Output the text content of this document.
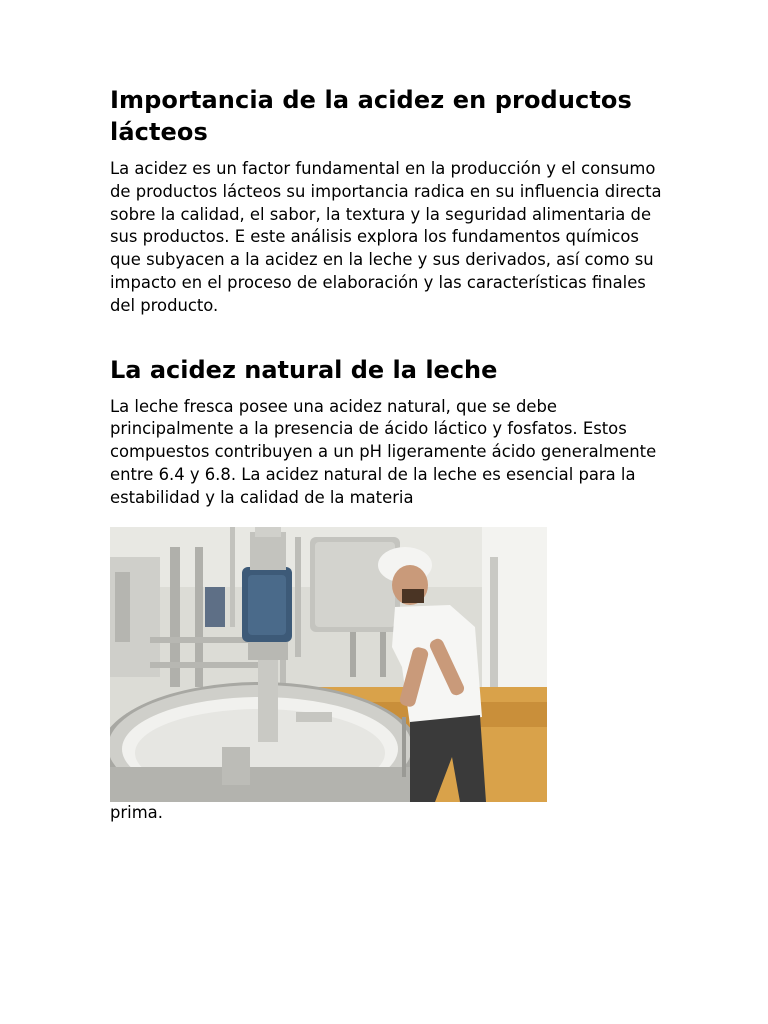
Importancia de la acidez en productos lácteos

La acidez es un factor fundamental en la producción y el consumo de productos lácteos su importancia radica en su influencia directa sobre la calidad, el sabor, la textura y la seguridad alimentaria de sus productos. E este análisis explora los fundamentos químicos que subyacen a la acidez en la leche y sus derivados, así como su impacto en el proceso de elaboración y las características finales del producto.

La acidez natural de la leche

La leche fresca posee una acidez natural, que se debe principalmente a la presencia de ácido láctico y fosfatos. Estos compuestos contribuyen a un pH ligeramente ácido generalmente entre 6.4 y 6.8. La acidez natural de la leche es esencial para la estabilidad y la calidad de la materia

prima.
